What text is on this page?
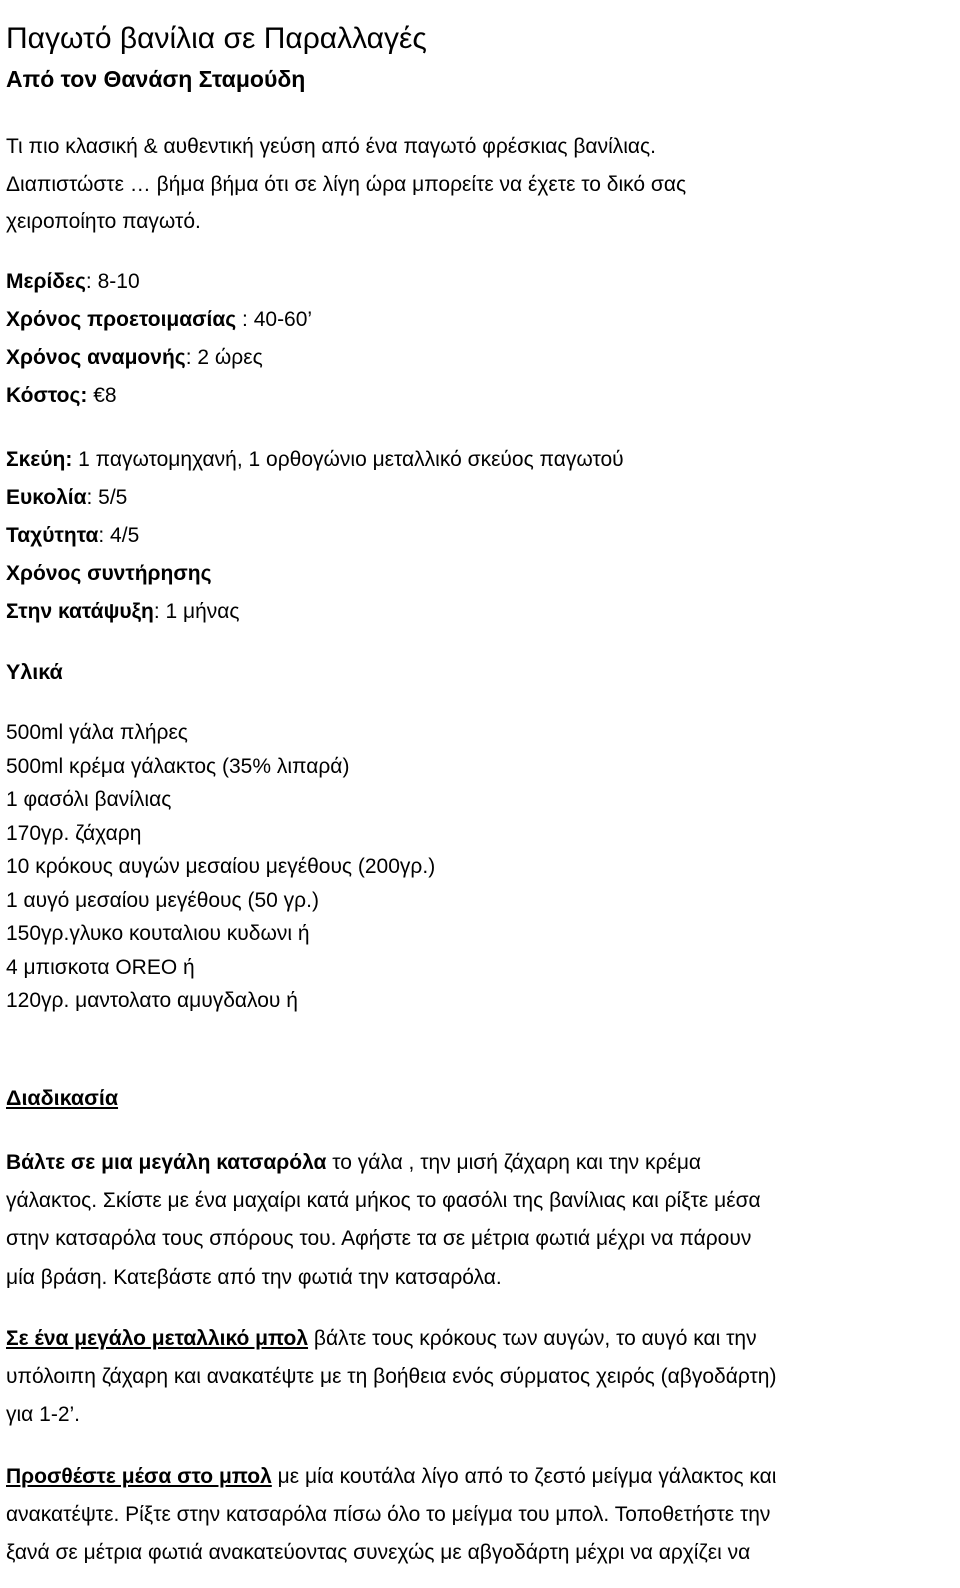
Παγωτό βανίλια σε Παραλλαγές
Από τον Θανάση Σταμούδη

Τι πιο κλασική & αυθεντική γεύση από ένα παγωτό φρέσκιας βανίλιας.

Διαπιστώστε … βήμα βήμα ότι σε λίγη ώρα μπορείτε να έχετε το δικό σας

χειροποίητο παγωτό.

Μερίδες: 8-10
Χρόνος προετοιμασίας : 40-60’
Χρόνος αναμονής: 2 ώρες
Κόστος: €8
Σκεύη: 1 παγωτομηχανή, 1 ορθογώνιο μεταλλικό σκεύος παγωτού
Ευκολία: 5/5
Ταχύτητα: 4/5
Χρόνος συντήρησης
Στην κατάψυξη: 1 μήνας
Υλικά
500ml γάλα πλήρες
500ml κρέμα γάλακτος (35% λιπαρά)
1 φασόλι βανίλιας
170γρ. ζάχαρη
10 κρόκους αυγών μεσαίου μεγέθους (200γρ.)
1 αυγό μεσαίου μεγέθους (50 γρ.)
150γρ.γλυκο κουταλιου κυδωνι ή
4 μπισκοτα OREO ή
120γρ. μαντολατο αμυγδαλου ή
Διαδικασία
Βάλτε σε μια μεγάλη κατσαρόλα το γάλα , την μισή ζάχαρη και την κρέμα
γάλακτος. Σκίστε με ένα μαχαίρι κατά μήκος το φασόλι της βανίλιας και ρίξτε μέσα
στην κατσαρόλα τους σπόρους του. Αφήστε τα σε μέτρια φωτιά μέχρι να πάρουν
μία βράση. Κατεβάστε από την φωτιά την κατσαρόλα.
Σε ένα μεγάλο μεταλλικό μπολ βάλτε τους κρόκους των αυγών, το αυγό και την
υπόλοιπη ζάχαρη και ανακατέψτε με τη βοήθεια ενός σύρματος χειρός (αβγοδάρτη)
για 1-2’.
Προσθέστε μέσα στο μπολ με μία κουτάλα λίγο από το ζεστό μείγμα γάλακτος και
ανακατέψτε. Ρίξτε στην κατσαρόλα πίσω όλο το μείγμα του μπολ. Τοποθετήστε την
ξανά σε μέτρια φωτιά ανακατεύοντας συνεχώς με αβγοδάρτη μέχρι να αρχίζει να
